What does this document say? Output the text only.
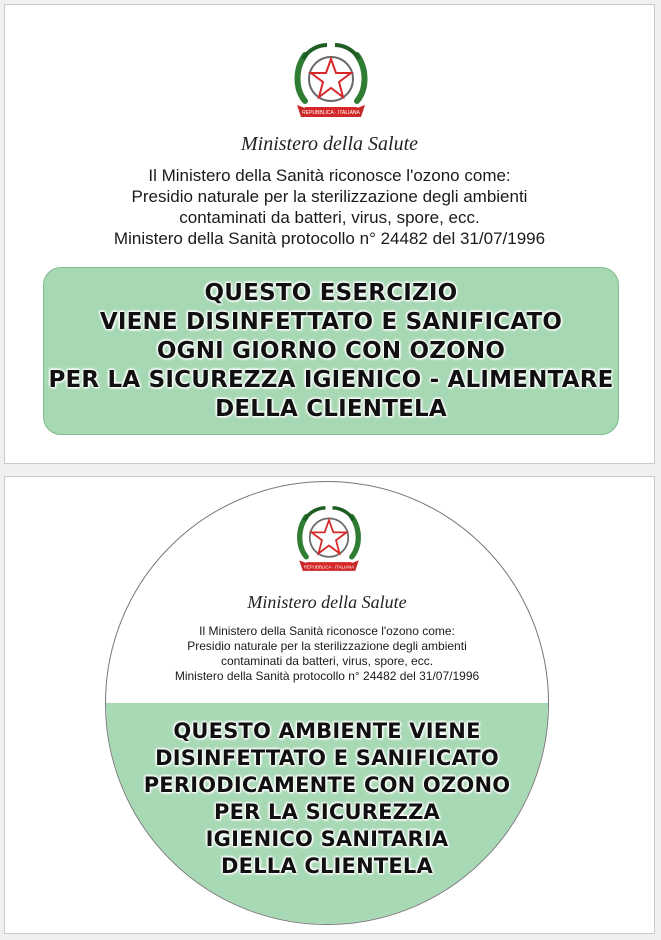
REPUBBLICA · ITALIANA
Ministero della Salute
Il Ministero della Sanità riconosce l'ozono come:
Presidio naturale per la sterilizzazione degli ambienti
contaminati da batteri, virus, spore, ecc.
Ministero della Sanità protocollo n° 24482 del 31/07/1996
QUESTO ESERCIZIO
VIENE DISINFETTATO E SANIFICATO
OGNI GIORNO CON OZONO
PER LA SICUREZZA IGIENICO - ALIMENTARE
DELLA CLIENTELA
REPUBBLICA · ITALIANA
Ministero della Salute
Il Ministero della Sanità riconosce l'ozono come:
Presidio naturale per la sterilizzazione degli ambienti
contaminati da batteri, virus, spore, ecc.
Ministero della Sanità protocollo n° 24482 del 31/07/1996
QUESTO AMBIENTE VIENE
DISINFETTATO E SANIFICATO
PERIODICAMENTE CON OZONO
PER LA SICUREZZA
IGIENICO SANITARIA
DELLA CLIENTELA
